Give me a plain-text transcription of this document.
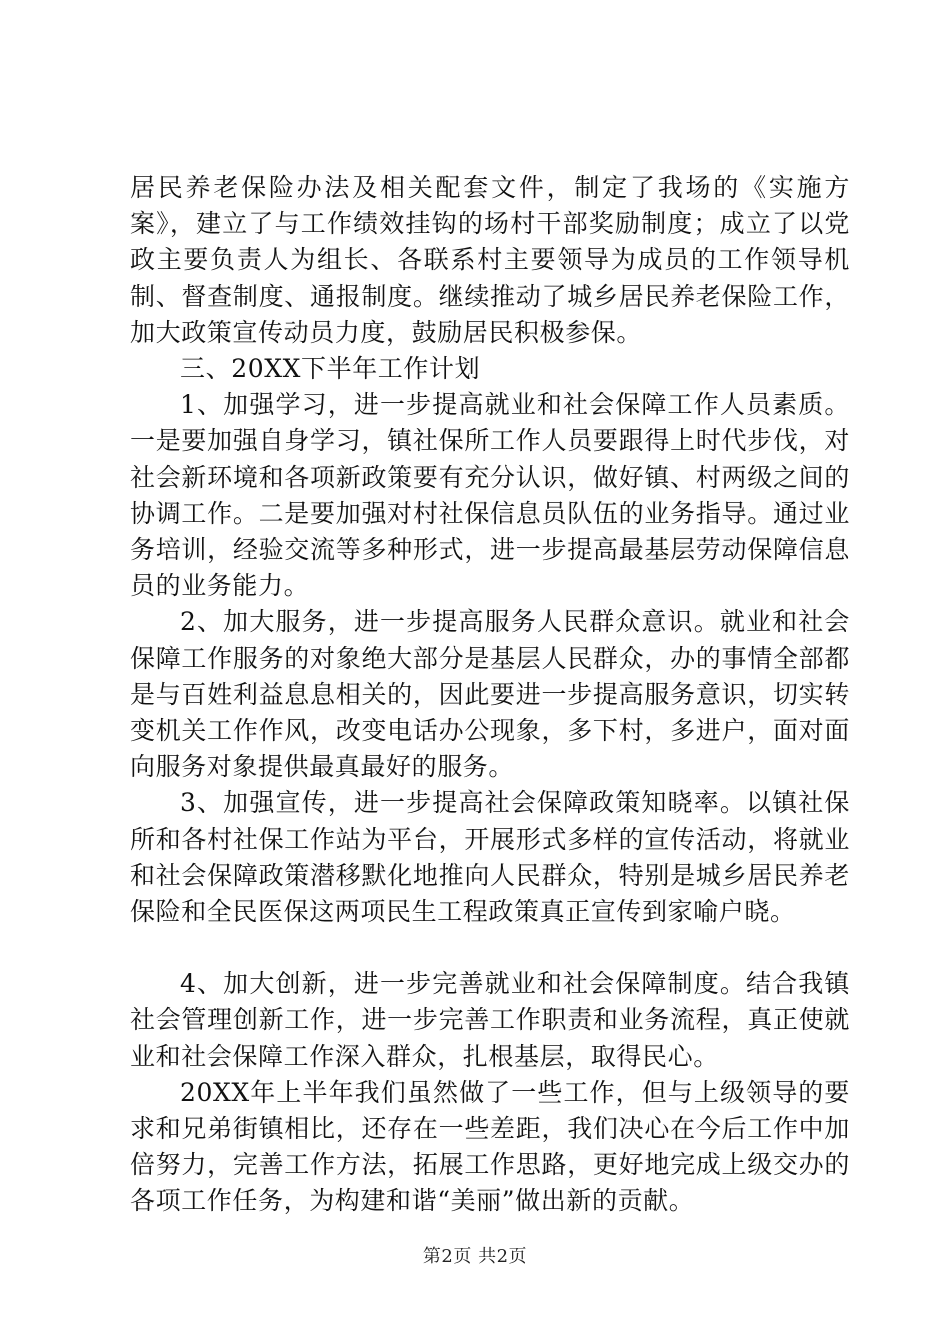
居民养老保险办法及相关配套文件，制定了我场的《实施方案》，建立了与工作绩效挂钩的场村干部奖励制度；成立了以党政主要负责人为组长、各联系村主要领导为成员的工作领导机制、督查制度、通报制度。继续推动了城乡居民养老保险工作，加大政策宣传动员力度，鼓励居民积极参保。

三、20XX下半年工作计划

1、加强学习，进一步提高就业和社会保障工作人员素质。一是要加强自身学习，镇社保所工作人员要跟得上时代步伐，对社会新环境和各项新政策要有充分认识，做好镇、村两级之间的协调工作。二是要加强对村社保信息员队伍的业务指导。通过业务培训，经验交流等多种形式，进一步提高最基层劳动保障信息员的业务能力。

2、加大服务，进一步提高服务人民群众意识。就业和社会保障工作服务的对象绝大部分是基层人民群众，办的事情全部都是与百姓利益息息相关的，因此要进一步提高服务意识，切实转变机关工作作风，改变电话办公现象，多下村，多进户，面对面向服务对象提供最真最好的服务。

3、加强宣传，进一步提高社会保障政策知晓率。以镇社保所和各村社保工作站为平台，开展形式多样的宣传活动，将就业和社会保障政策潜移默化地推向人民群众，特别是城乡居民养老保险和全民医保这两项民生工程政策真正宣传到家喻户晓。

4、加大创新，进一步完善就业和社会保障制度。结合我镇社会管理创新工作，进一步完善工作职责和业务流程，真正使就业和社会保障工作深入群众，扎根基层，取得民心。

20XX年上半年我们虽然做了一些工作，但与上级领导的要求和兄弟街镇相比，还存在一些差距，我们决心在今后工作中加倍努力，完善工作方法，拓展工作思路，更好地完成上级交办的各项工作任务，为构建和谐“美丽”做出新的贡献。

第2页 共2页
